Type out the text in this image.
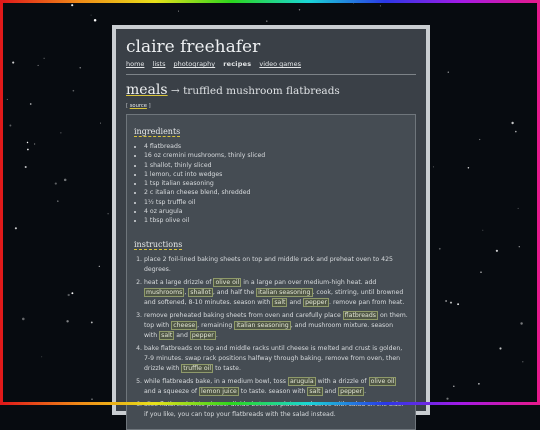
claire freehafer
home lists photography recipes video games
meals → truffled mushroom flatbreads
[ source ]
ingredients
• 4 flatbreads
• 16 oz cremini mushrooms, thinly sliced
• 1 shallot, thinly sliced
• 1 lemon, cut into wedges
• 1 tsp italian seasoning
• 2 c italian cheese blend, shredded
• 1½ tsp truffle oil
• 4 oz arugula
• 1 tbsp olive oil
instructions
1. place 2 foil-lined baking sheets on top and middle rack and preheat oven to 425 degrees.
2. heat a large drizzle of olive oil in a large pan over medium-high heat. add mushrooms , shallot , and half the italian seasoning . cook, stirring, until browned and softened, 8-10 minutes. season with salt and pepper . remove pan from heat.
3. remove preheated baking sheets from oven and carefully place flatbreads on them. top with cheese , remaining italian seasoning , and mushroom mixture. season with salt and pepper .
4. bake flatbreads on top and middle racks until cheese is melted and crust is golden, 7-9 minutes. swap rack positions halfway through baking. remove from oven, then drizzle with truffle oil to taste.
5. while flatbreads bake, in a medium bowl, toss arugula with a drizzle of olive oil and a squeeze of lemon juice to taste. season with salt and pepper .
6. slice flatbreads into pieces. divide between plates and serve with salad on the side. if you like, you can top your flatbreads with the salad instead.
